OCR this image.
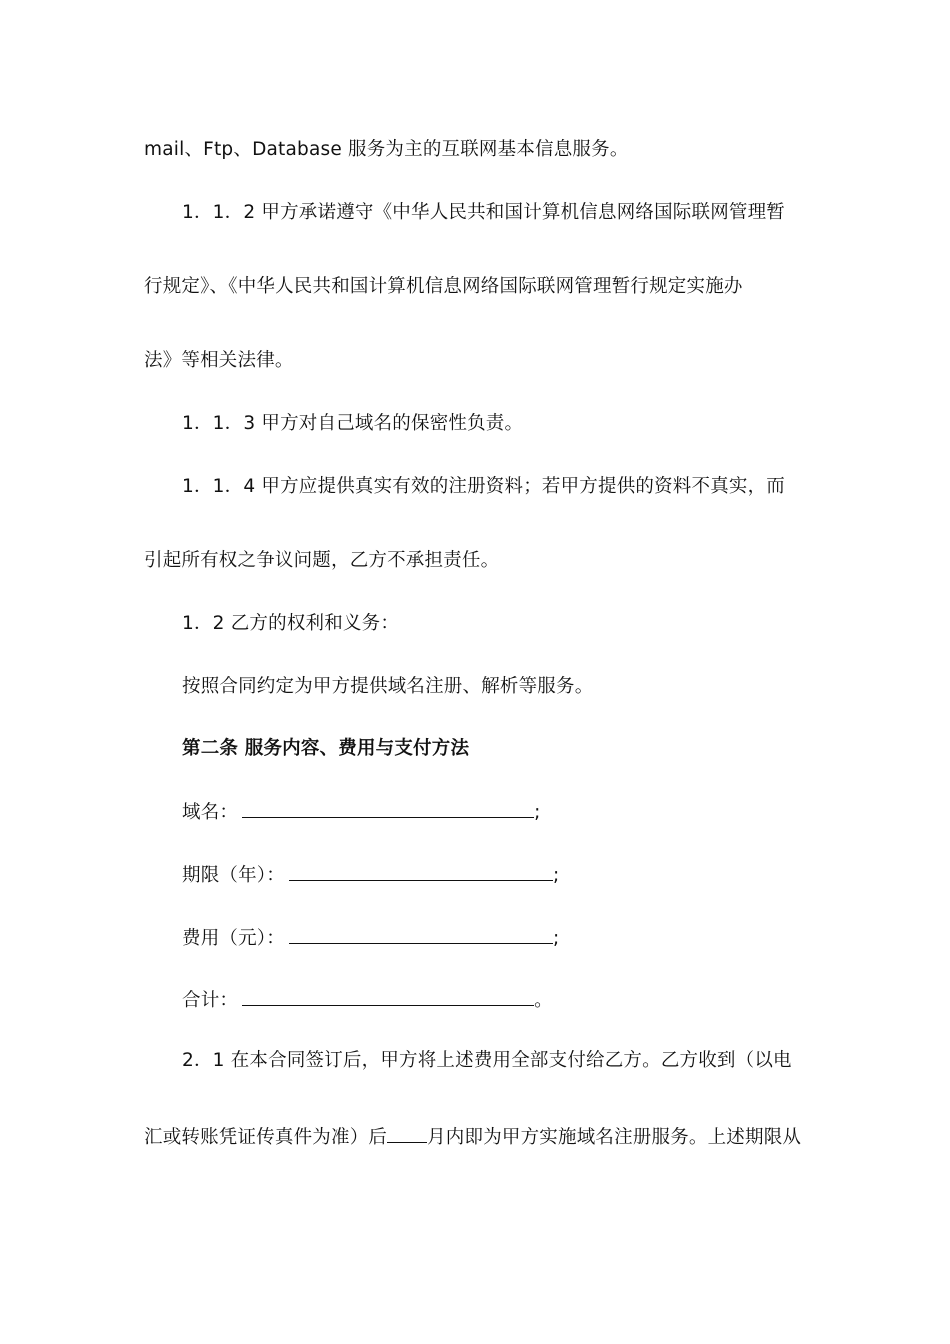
mail、Ftp、Database 服务为主的互联网基本信息服务。
1．1．2 甲方承诺遵守《中华人民共和国计算机信息网络国际联网管理暂
行规定》、《中华人民共和国计算机信息网络国际联网管理暂行规定实施办
法》等相关法律。
1．1．3 甲方对自己域名的保密性负责。
1．1．4 甲方应提供真实有效的注册资料；若甲方提供的资料不真实，而
引起所有权之争议问题，乙方不承担责任。
1．2 乙方的权利和义务：
按照合同约定为甲方提供域名注册、解析等服务。
第二条 服务内容、费用与支付方法
域名：	;
期限（年）：	;
费用（元）：	;
合计：	。
2．1 在本合同签订后，甲方将上述费用全部支付给乙方。乙方收到（以电
汇或转账凭证传真件为准）后 月内即为甲方实施域名注册服务。上述期限从
